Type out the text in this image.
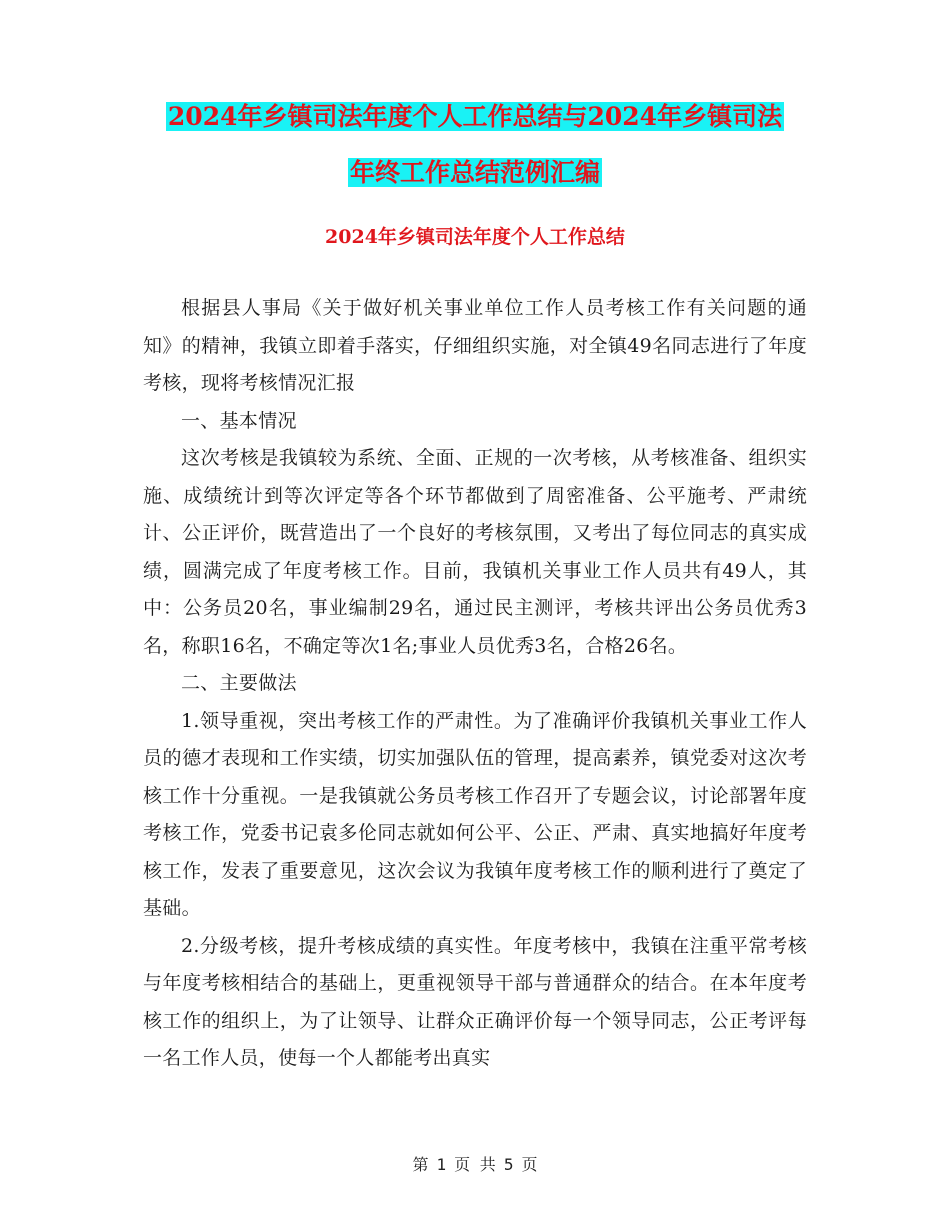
2024年乡镇司法年度个人工作总结与2024年乡镇司法
年终工作总结范例汇编
2024年乡镇司法年度个人工作总结

根据县人事局《关于做好机关事业单位工作人员考核工作有关问题的通知》的精神，我镇立即着手落实，仔细组织实施，对全镇49名同志进行了年度考核，现将考核情况汇报

一、基本情况

这次考核是我镇较为系统、全面、正规的一次考核，从考核准备、组织实施、成绩统计到等次评定等各个环节都做到了周密准备、公平施考、严肃统计、公正评价，既营造出了一个良好的考核氛围，又考出了每位同志的真实成绩，圆满完成了年度考核工作。目前，我镇机关事业工作人员共有49人，其中：公务员20名，事业编制29名，通过民主测评，考核共评出公务员优秀3名，称职16名，不确定等次1名;事业人员优秀3名，合格26名。

二、主要做法

1.领导重视，突出考核工作的严肃性。为了准确评价我镇机关事业工作人员的德才表现和工作实绩，切实加强队伍的管理，提高素养，镇党委对这次考核工作十分重视。一是我镇就公务员考核工作召开了专题会议，讨论部署年度考核工作，党委书记袁多伦同志就如何公平、公正、严肃、真实地搞好年度考核工作，发表了重要意见，这次会议为我镇年度考核工作的顺利进行了奠定了基础。

2.分级考核，提升考核成绩的真实性。年度考核中，我镇在注重平常考核与年度考核相结合的基础上，更重视领导干部与普通群众的结合。在本年度考核工作的组织上，为了让领导、让群众正确评价每一个领导同志，公正考评每一名工作人员，使每一个人都能考出真实

第 1 页 共 5 页
